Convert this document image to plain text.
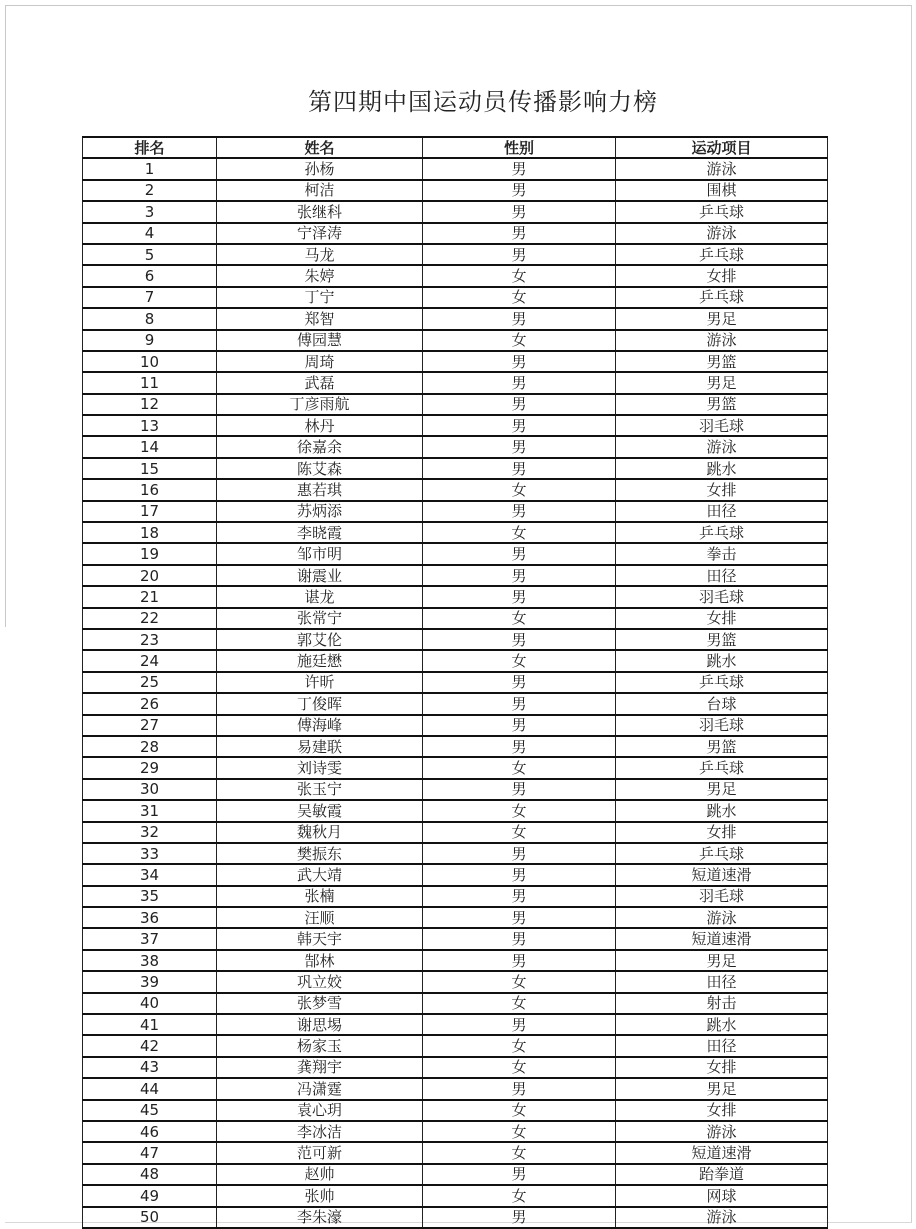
第四期中国运动员传播影响力榜
排名	姓名	性别	运动项目
1	孙杨	男	游泳
2	柯洁	男	围棋
3	张继科	男	乒乓球
4	宁泽涛	男	游泳
5	马龙	男	乒乓球
6	朱婷	女	女排
7	丁宁	女	乒乓球
8	郑智	男	男足
9	傅园慧	女	游泳
10	周琦	男	男篮
11	武磊	男	男足
12	丁彦雨航	男	男篮
13	林丹	男	羽毛球
14	徐嘉余	男	游泳
15	陈艾森	男	跳水
16	惠若琪	女	女排
17	苏炳添	男	田径
18	李晓霞	女	乒乓球
19	邹市明	男	拳击
20	谢震业	男	田径
21	谌龙	男	羽毛球
22	张常宁	女	女排
23	郭艾伦	男	男篮
24	施廷懋	女	跳水
25	许昕	男	乒乓球
26	丁俊晖	男	台球
27	傅海峰	男	羽毛球
28	易建联	男	男篮
29	刘诗雯	女	乒乓球
30	张玉宁	男	男足
31	吴敏霞	女	跳水
32	魏秋月	女	女排
33	樊振东	男	乒乓球
34	武大靖	男	短道速滑
35	张楠	男	羽毛球
36	汪顺	男	游泳
37	韩天宇	男	短道速滑
38	郜林	男	男足
39	巩立姣	女	田径
40	张梦雪	女	射击
41	谢思埸	男	跳水
42	杨家玉	女	田径
43	龚翔宇	女	女排
44	冯潇霆	男	男足
45	袁心玥	女	女排
46	李冰洁	女	游泳
47	范可新	女	短道速滑
48	赵帅	男	跆拳道
49	张帅	女	网球
50	李朱濠	男	游泳
